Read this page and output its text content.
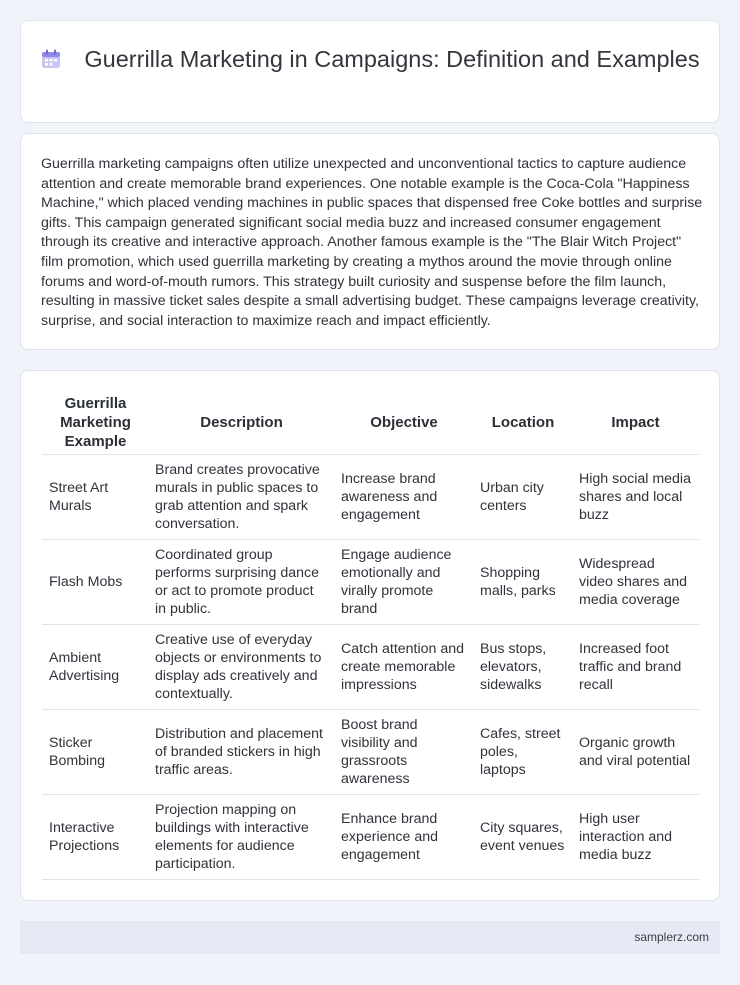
Guerrilla Marketing in Campaigns: Definition and Examples

Guerrilla marketing campaigns often utilize unexpected and unconventional tactics to capture audience attention and create memorable brand experiences. One notable example is the Coca-Cola "Happiness Machine," which placed vending machines in public spaces that dispensed free Coke bottles and surprise gifts. This campaign generated significant social media buzz and increased consumer engagement through its creative and interactive approach. Another famous example is the "The Blair Witch Project" film promotion, which used guerrilla marketing by creating a mythos around the movie through online forums and word-of-mouth rumors. This strategy built curiosity and suspense before the film launch, resulting in massive ticket sales despite a small advertising budget. These campaigns leverage creativity, surprise, and social interaction to maximize reach and impact efficiently.

Guerrilla Marketing Example	Description	Objective	Location	Impact
Street Art Murals	Brand creates provocative murals in public spaces to grab attention and spark conversation.	Increase brand awareness and engagement	Urban city centers	High social media shares and local buzz
Flash Mobs	Coordinated group performs surprising dance or act to promote product in public.	Engage audience emotionally and virally promote brand	Shopping malls, parks	Widespread video shares and media coverage
Ambient Advertising	Creative use of everyday objects or environments to display ads creatively and contextually.	Catch attention and create memorable impressions	Bus stops, elevators, sidewalks	Increased foot traffic and brand recall
Sticker Bombing	Distribution and placement of branded stickers in high traffic areas.	Boost brand visibility and grassroots awareness	Cafes, street poles, laptops	Organic growth and viral potential
Interactive Projections	Projection mapping on buildings with interactive elements for audience participation.	Enhance brand experience and engagement	City squares, event venues	High user interaction and media buzz
samplerz.com
